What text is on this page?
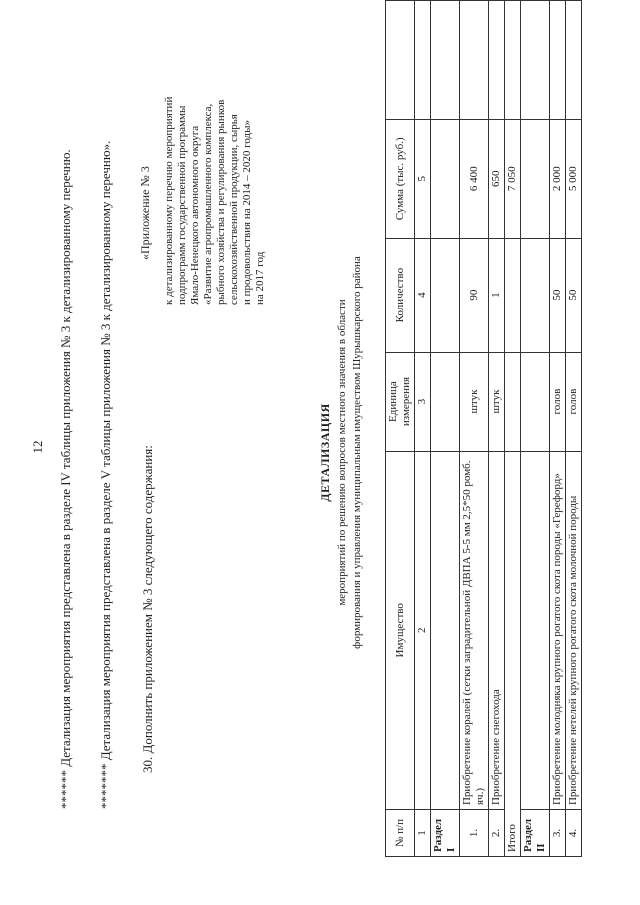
12 ****** Детализация мероприятия представлена в разделе IV таблицы приложения № 3 к детализированному перечню. ******* Детализация мероприятия представлена в разделе V таблицы приложения № 3 к детализированному перечню». 30. Дополнить приложением № 3 следующего содержания:
«Приложение № 3 к детализированному перечню мероприятий подпрограмм государственной программы Ямало-Ненецкого автономного округа «Развитие агропромышленного комплекса, рыбного хозяйства и регулирования рынков сельскохозяйственной продукции, сырья и продовольствия на 2014 – 2020 годы» на 2017 год
ДЕТАЛИЗАЦИЯ мероприятий по решению вопросов местного значения в области формирования и управления муниципальным имуществом Шурышкарского района
№ п/п	Имущество	Единица измерения	Количество	Сумма (тыс. руб.)	
1	2	3	4	5	
Раздел I					
1.	Приобретение коралей (сетки заградительной ДВПА 5-5 мм 2,5*50 ромб. яч.)	штук	90	6 400	
2.	Приобретение снегохода	штук	1	650	
Итого				7 050	
Раздел II					
3.	Приобретение молодняка крупного рогатого скота породы «Герефорд»	голов	50	2 000	
4.	Приобретение нетелей крупного рогатого скота молочной породы	голов	50	5 000	
